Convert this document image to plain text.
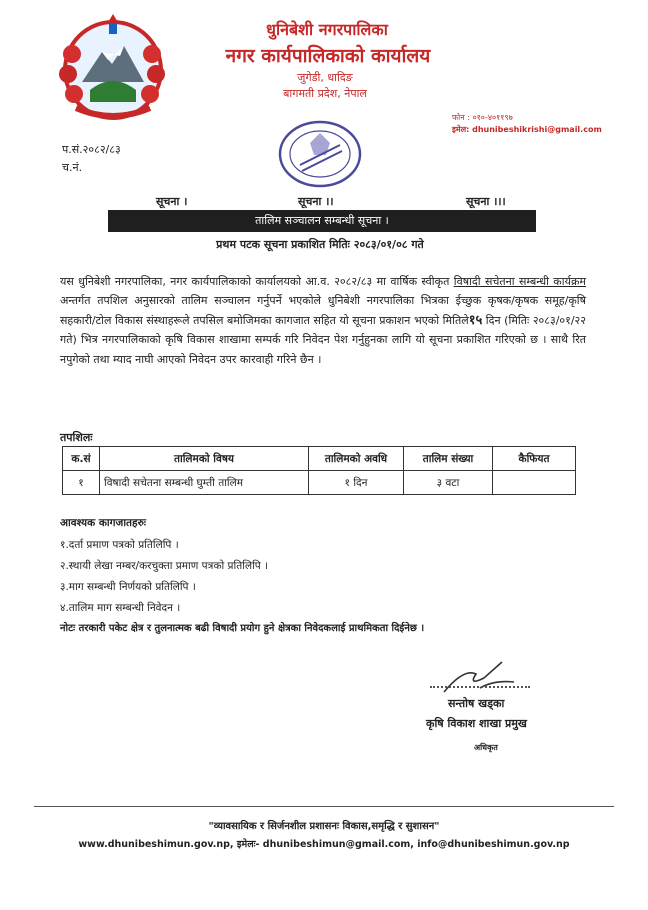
धुनिबेशी नगरपालिका
नगर कार्यपालिकाको कार्यालय
जुगेडी, धादिङ
बागमती प्रदेश, नेपाल
फोन : ०१०-४०११९७
इमेल: dhunibeshikrishi@gmail.com
प.सं.२०८२/८३
च.नं.
सूचना ।	सूचना ।।	सूचना ।।।
तालिम सञ्चालन सम्बन्धी सूचना ।
प्रथम पटक सूचना प्रकाशित मितिः २०८३/०१/०८ गते
यस धुनिबेशी नगरपालिका, नगर कार्यपालिकाको कार्यालयको आ.व. २०८२/८३ मा वार्षिक स्वीकृत विषादी सचेतना सम्बन्धी कार्यक्रम अन्तर्गत तपशिल अनुसारको तालिम सञ्चालन गर्नुपर्ने भएकोले धुनिबेशी नगरपालिका भित्रका ईच्छुक कृषक/कृषक समूह/कृषि सहकारी/टोल विकास संस्थाहरूले तपसिल बमोजिमका कागजात सहित यो सूचना प्रकाशन भएको मितिले१५ दिन (मितिः २०८३/०१/२२ गते) भित्र नगरपालिकाको कृषि विकास शाखामा सम्पर्क गरि निवेदन पेश गर्नुहुनका लागि यो सूचना प्रकाशित गरिएको छ । साथै रित नपुगेको तथा म्याद नाघी आएको निवेदन उपर कारवाही गरिने छैन ।
तपशिलः
क.सं	तालिमको विषय	तालिमको अवधि	तालिम संख्या	कैफियत
१	विषादी सचेतना सम्बन्धी घुम्ती तालिम	१ दिन	३ वटा	
आवश्यक कागजातहरुः
१.दर्ता प्रमाण पत्रको प्रतिलिपि ।
२.स्थायी लेखा नम्बर/करचुक्ता प्रमाण पत्रको प्रतिलिपि ।
३.माग सम्बन्धी निर्णयको प्रतिलिपि ।
४.तालिम माग सम्बन्धी निवेदन ।
नोटः तरकारी पकेट क्षेत्र र तुलनात्मक बढी विषादी प्रयोग हुने क्षेत्रका निवेदकलाई प्राथमिकता दिईनेछ ।
सन्तोष खड्का
कृषि विकाश शाखा प्रमुख
अधिकृत
"व्यावसायिक र सिर्जनशील प्रशासनः विकास,समृद्धि र सुशासन"
www.dhunibeshimun.gov.np, इमेलः- dhunibeshimun@gmail.com, info@dhunibeshimun.gov.np
